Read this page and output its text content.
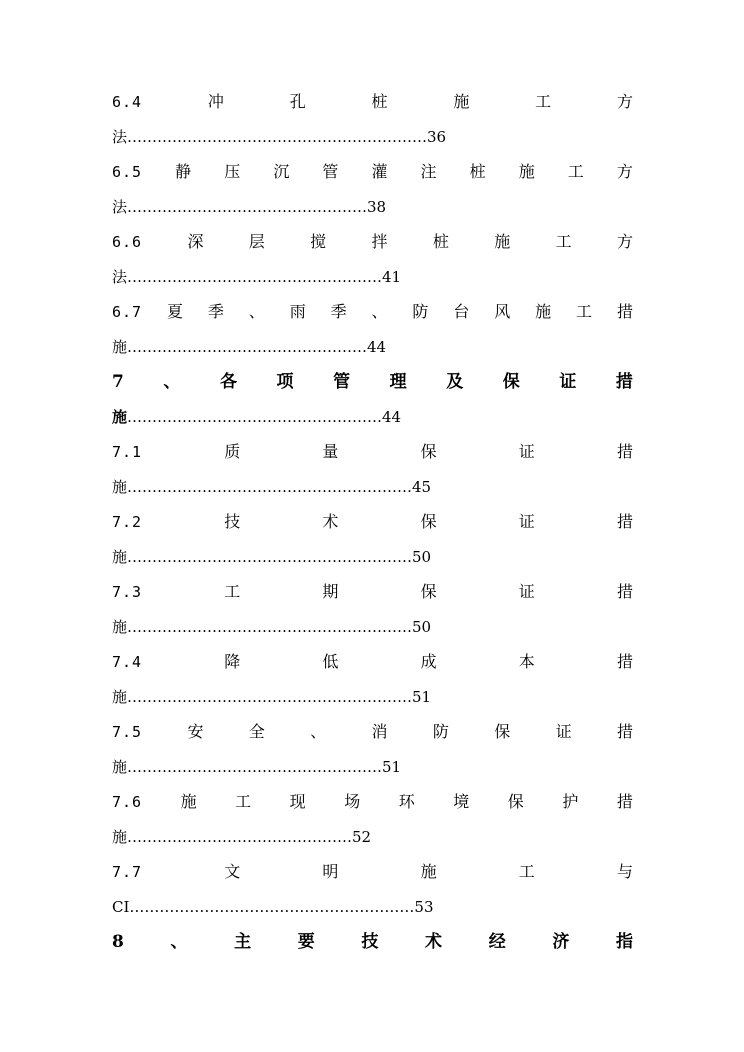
6.4	冲	孔	桩	施	工	方
法……………………………………………………36
6.5 静 压 沉 管 灌 注 桩 施 工 方
法…………………………………………38
6.6	深	层	搅	拌	桩	施	工	方
法……………………………………………41
6.7 夏 季 、 雨 季 、 防 台 风 施 工 措
施…………………………………………44
7 、 各 项 管 理 及 保 证 措
施……………………………………………44
7.1	质	量	保	证	措
施…………………………………………………45
7.2	技	术	保	证	措
施…………………………………………………50
7.3	工	期	保	证	措
施…………………………………………………50
7.4	降	低	成	本	措
施…………………………………………………51
7.5	安	全	、	消	防	保	证	措
施……………………………………………51
7.6 施 工 现 场 环 境 保 护 措
施………………………………………52
7.7	文	明	施	工	与
CI…………………………………………………53
8	、	主	要	技	术	经	济	指
